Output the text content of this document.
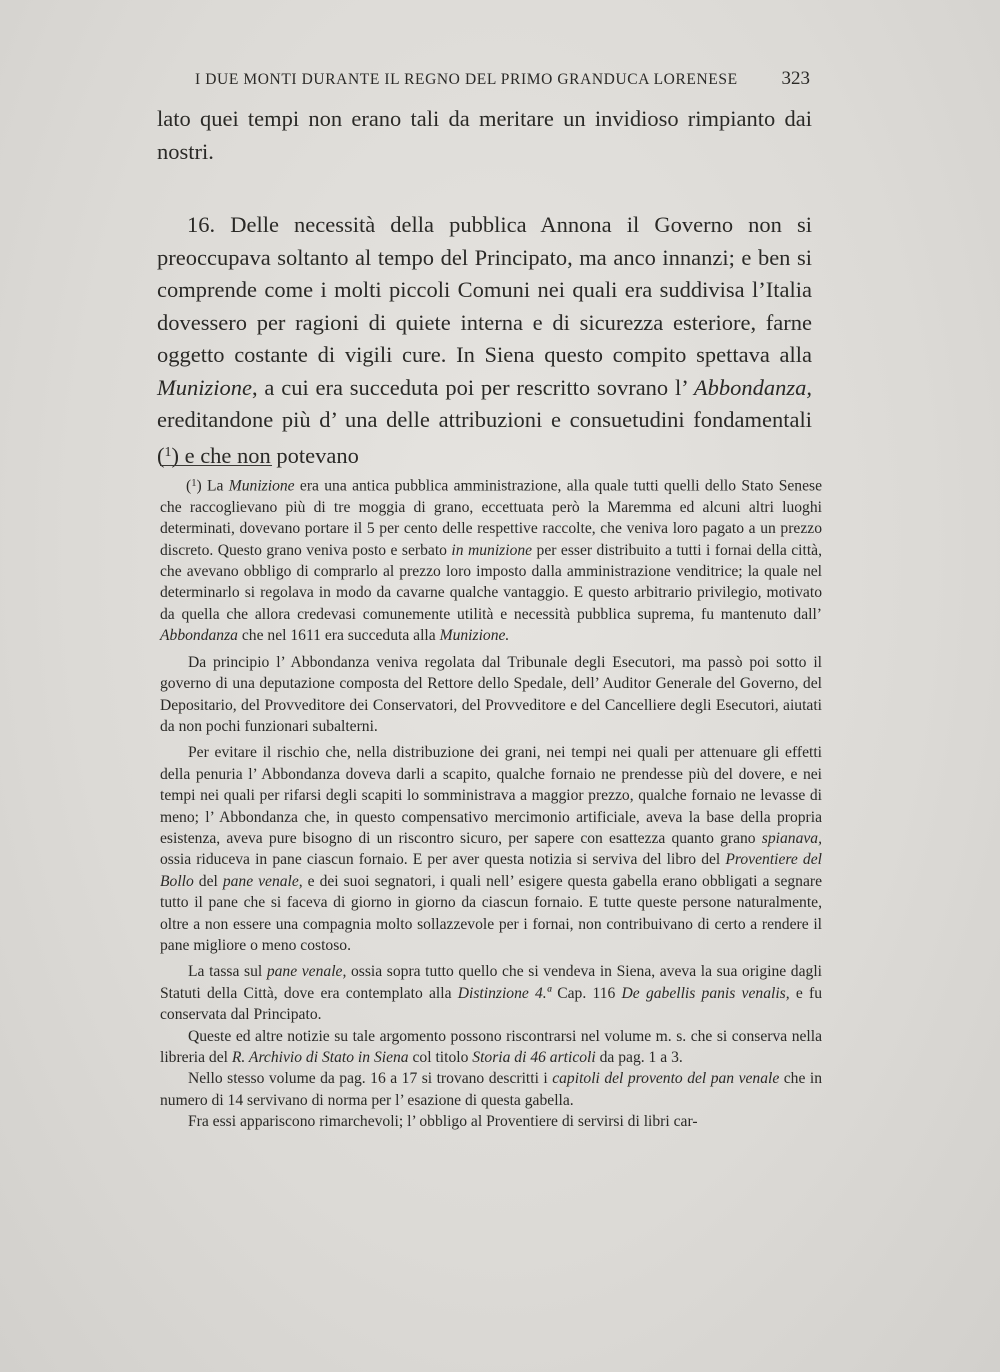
I DUE MONTI DURANTE IL REGNO DEL PRIMO GRANDUCA LORENESE 323

lato quei tempi non erano tali da meritare un invidioso rimpianto dai nostri.

16. Delle necessità della pubblica Annona il Governo non si preoccupava soltanto al tempo del Principato, ma anco innanzi; e ben si comprende come i molti piccoli Comuni nei quali era suddivisa l’Italia dovessero per ragioni di quiete interna e di sicurezza esteriore, farne oggetto costante di vigili cure. In Siena questo compito spettava alla Munizione, a cui era succeduta poi per rescritto sovrano l’ Abbondanza, ereditandone più d’ una delle attribuzioni e consuetudini fondamentali ($^1$) e che non potevano

($^1$) La Munizione era una antica pubblica amministrazione, alla quale tutti quelli dello Stato Senese che raccoglievano più di tre moggia di grano, eccettuata però la Maremma ed alcuni altri luoghi determinati, dovevano portare il 5 per cento delle respettive raccolte, che veniva loro pagato a un prezzo discreto. Questo grano veniva posto e serbato in munizione per esser distribuito a tutti i fornai della città, che avevano obbligo di comprarlo al prezzo loro imposto dalla amministrazione venditrice; la quale nel determinarlo si regolava in modo da cavarne qualche vantaggio. E questo arbitrario privilegio, motivato da quella che allora credevasi comunemente utilità e necessità pubblica suprema, fu mantenuto dall’ Abbondanza che nel 1611 era succeduta alla Munizione.

Da principio l’ Abbondanza veniva regolata dal Tribunale degli Esecutori, ma passò poi sotto il governo di una deputazione composta del Rettore dello Spedale, dell’ Auditor Generale del Governo, del Depositario, del Provveditore dei Conservatori, del Provveditore e del Cancelliere degli Esecutori, aiutati da non pochi funzionari subalterni.

Per evitare il rischio che, nella distribuzione dei grani, nei tempi nei quali per attenuare gli effetti della penuria l’ Abbondanza doveva darli a scapito, qualche fornaio ne prendesse più del dovere, e nei tempi nei quali per rifarsi degli scapiti lo somministrava a maggior prezzo, qualche fornaio ne levasse di meno; l’ Abbondanza che, in questo compensativo mercimonio artificiale, aveva la base della propria esistenza, aveva pure bisogno di un riscontro sicuro, per sapere con esattezza quanto grano spianava, ossia riduceva in pane ciascun fornaio. E per aver questa notizia si serviva del libro del Proventiere del Bollo del pane venale, e dei suoi segnatori, i quali nell’ esigere questa gabella erano obbligati a segnare tutto il pane che si faceva di giorno in giorno da ciascun fornaio. E tutte queste persone naturalmente, oltre a non essere una compagnia molto sollazzevole per i fornai, non contribuivano di certo a rendere il pane migliore o meno costoso.

La tassa sul pane venale, ossia sopra tutto quello che si vendeva in Siena, aveva la sua origine dagli Statuti della Città, dove era contemplato alla Distinzione 4.ª Cap. 116 De gabellis panis venalis, e fu conservata dal Principato.

Queste ed altre notizie su tale argomento possono riscontrarsi nel volume m. s. che si conserva nella libreria del R. Archivio di Stato in Siena col titolo Storia di 46 articoli da pag. 1 a 3.

Nello stesso volume da pag. 16 a 17 si trovano descritti i capitoli del provento del pan venale che in numero di 14 servivano di norma per l’ esazione di questa gabella.

Fra essi appariscono rimarchevoli; l’ obbligo al Proventiere di servirsi di libri car-
